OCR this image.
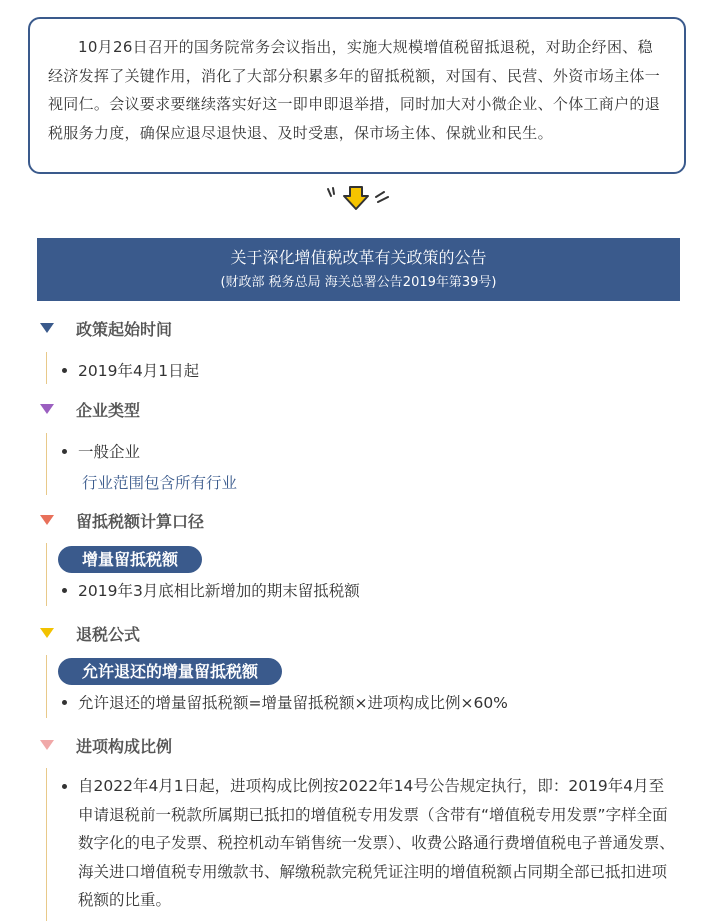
10月26日召开的国务院常务会议指出，实施大规模增值税留抵退税，对助企纾困、稳经济发挥了关键作用，消化了大部分积累多年的留抵税额，对国有、民营、外资市场主体一视同仁。会议要求要继续落实好这一即申即退举措，同时加大对小微企业、个体工商户的退税服务力度，确保应退尽退快退、及时受惠，保市场主体、保就业和民生。

关于深化增值税改革有关政策的公告
(财政部 税务总局 海关总署公告2019年第39号)
政策起始时间
2019年4月1日起
企业类型
一般企业
行业范围包含所有行业
留抵税额计算口径
增量留抵税额
2019年3月底相比新增加的期末留抵税额
退税公式
允许退还的增量留抵税额
允许退还的增量留抵税额=增量留抵税额×进项构成比例×60%
进项构成比例
自2022年4月1日起，进项构成比例按2022年14号公告规定执行，即：2019年4月至申请退税前一税款所属期已抵扣的增值税专用发票（含带有“增值税专用发票”字样全面数字化的电子发票、税控机动车销售统一发票）、收费公路通行费增值税电子普通发票、海关进口增值税专用缴款书、解缴税款完税凭证注明的增值税额占同期全部已抵扣进项税额的比重。
